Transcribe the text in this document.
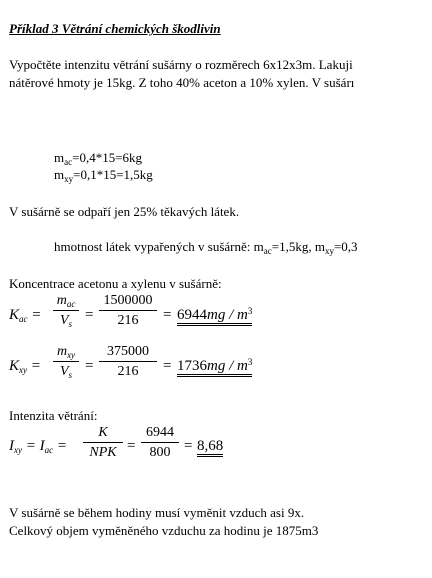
Příklad 3 Větrání chemických škodlivin
Vypočtěte intenzitu větrání sušárny o rozměrech 6x12x3m. Lakuji
nátěrové hmoty je 15kg. Z toho 40% aceton a 10% xylen. V sušárı
$m_{ac}=0,4*15=6kg$
$m_{xy}=0,1*15=1,5kg$
V sušárně se odpaří jen 25% těkavých látek.
hmotnost látek vypařených v sušárně: $m_{ac}=1,5kg$, $m_{xy}=0,3$
Koncentrace acetonu a xylenu v sušárně:
$K_{ac}$ =
$m_{ac}$
$V_s$
=
1500000
216	= $6944mg / m^3$
$K_{xy}$ =
$m_{xy}$
$V_s$
=
375000
216	= $1736mg / m^3$
Intenzita větrání:
$I_{xy} = I_{ac}$ =
K
NPK =
6944
800 = 8,68
V sušárně se během hodiny musí vyměnit vzduch asi 9x.
Celkový objem vyměněného vzduchu za hodinu je 1875m3
